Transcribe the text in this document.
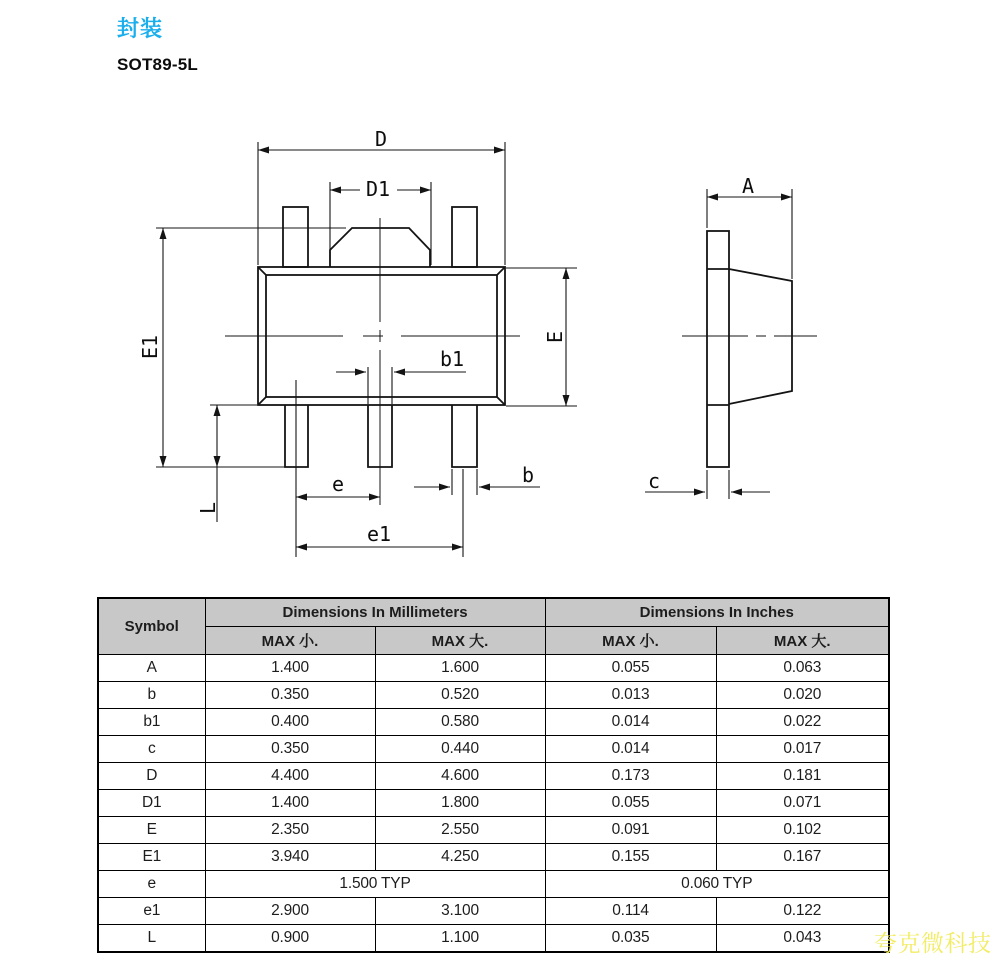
封装
SOT89-5L
D
D1
E1
L
E
b1
b
e
e1
A
c
Symbol	Dimensions In Millimeters		Dimensions In Inches	
	MAX 小.	MAX 大.	MAX 小.	MAX 大.
A	1.400	1.600	0.055	0.063
b	0.350	0.520	0.013	0.020
b1	0.400	0.580	0.014	0.022
c	0.350	0.440	0.014	0.017
D	4.400	4.600	0.173	0.181
D1	1.400	1.800	0.055	0.071
E	2.350	2.550	0.091	0.102
E1	3.940	4.250	0.155	0.167
e	1.500 TYP		0.060 TYP	
e1	2.900	3.100	0.114	0.122
L	0.900	1.100	0.035	0.043 夸克微科技
